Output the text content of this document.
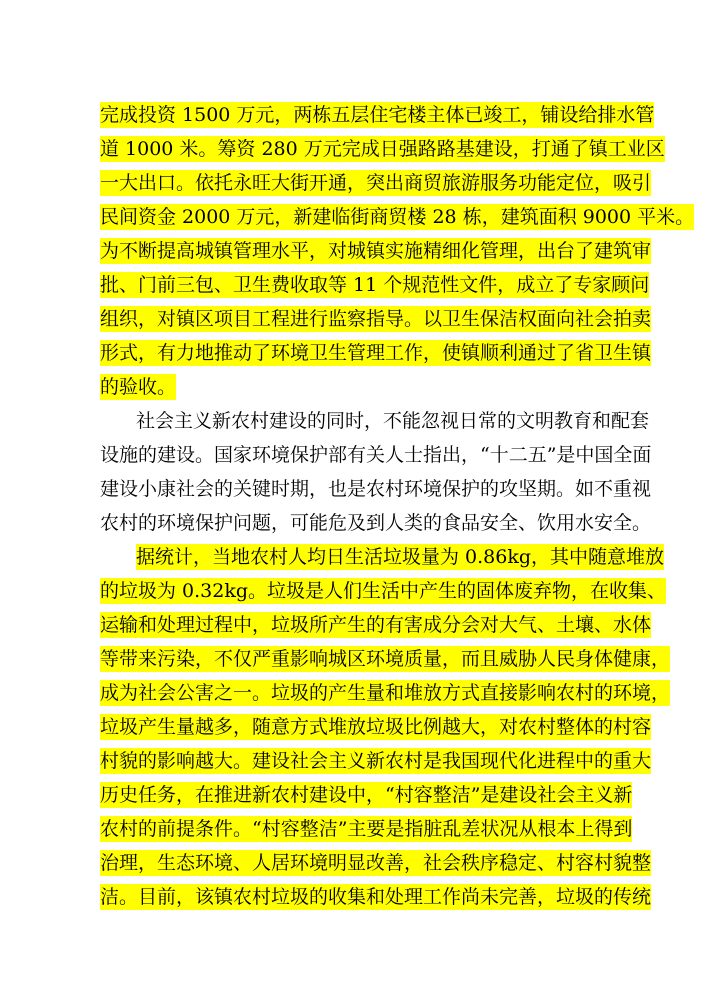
完成投资 1500 万元，两栋五层住宅楼主体已竣工，铺设给排水管
道 1000 米。筹资 280 万元完成日强路路基建设，打通了镇工业区
一大出口。依托永旺大街开通，突出商贸旅游服务功能定位，吸引
民间资金 2000 万元，新建临街商贸楼 28 栋，建筑面积 9000 平米。
为不断提高城镇管理水平，对城镇实施精细化管理，出台了建筑审
批、门前三包、卫生费收取等 11 个规范性文件，成立了专家顾问
组织，对镇区项目工程进行监察指导。以卫生保洁权面向社会拍卖
形式，有力地推动了环境卫生管理工作，使镇顺利通过了省卫生镇
的验收。
社会主义新农村建设的同时，不能忽视日常的文明教育和配套
设施的建设。国家环境保护部有关人士指出，“十二五”是中国全面
建设小康社会的关键时期，也是农村环境保护的攻坚期。如不重视
农村的环境保护问题，可能危及到人类的食品安全、饮用水安全。
据统计，当地农村人均日生活垃圾量为 0.86kg，其中随意堆放
的垃圾为 0.32kg。垃圾是人们生活中产生的固体废弃物，在收集、
运输和处理过程中，垃圾所产生的有害成分会对大气、土壤、水体
等带来污染，不仅严重影响城区环境质量，而且威胁人民身体健康，
成为社会公害之一。垃圾的产生量和堆放方式直接影响农村的环境，
垃圾产生量越多，随意方式堆放垃圾比例越大，对农村整体的村容
村貌的影响越大。建设社会主义新农村是我国现代化进程中的重大
历史任务，在推进新农村建设中，“村容整洁”是建设社会主义新
农村的前提条件。“村容整洁”主要是指脏乱差状况从根本上得到
治理，生态环境、人居环境明显改善，社会秩序稳定、村容村貌整
洁。目前，该镇农村垃圾的收集和处理工作尚未完善，垃圾的传统
